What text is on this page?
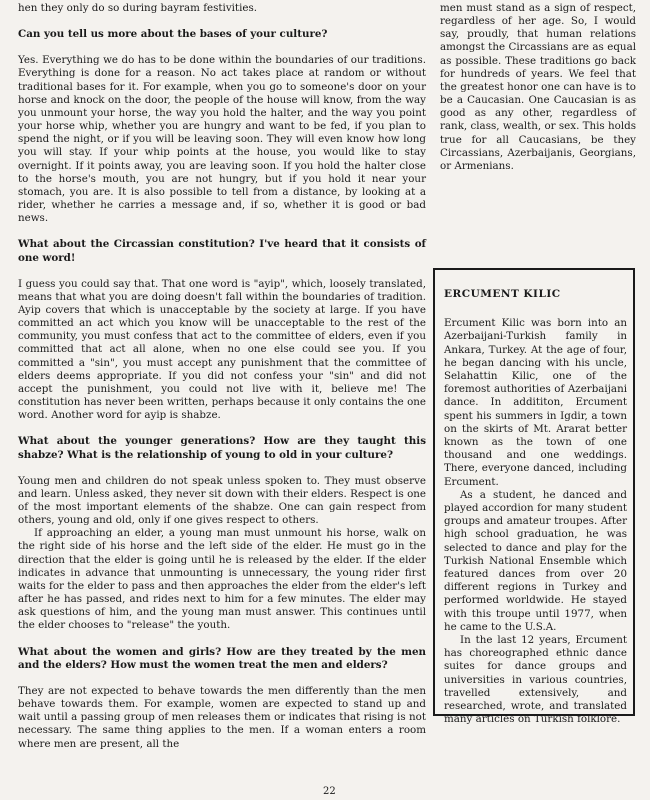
hen they only do so during bayram festivities.

Can you tell us more about the bases of your culture?

Yes. Everything we do has to be done within the boundaries of our traditions. Everything is done for a reason. No act takes place at random or without traditional bases for it. For example, when you go to someone's door on your horse and knock on the door, the people of the house will know, from the way you unmount your horse, the way you hold the halter, and the way you point your horse whip, whether you are hungry and want to be fed, if you plan to spend the night, or if you will be leaving soon. They will even know how long you will stay. If your whip points at the house, you would like to stay overnight. If it points away, you are leaving soon. If you hold the halter close to the horse's mouth, you are not hungry, but if you hold it near your stomach, you are. It is also possible to tell from a distance, by looking at a rider, whether he carries a message and, if so, whether it is good or bad news.

What about the Circassian constitution? I've heard that it consists of one word!

I guess you could say that. That one word is "ayip", which, loosely translated, means that what you are doing doesn't fall within the boundaries of tradition. Ayip covers that which is unacceptable by the society at large. If you have committed an act which you know will be unacceptable to the rest of the community, you must confess that act to the committee of elders, even if you committed that act all alone, when no one else could see you. If you committed a "sin", you must accept any punishment that the committee of elders deems appropriate. If you did not confess your "sin" and did not accept the punishment, you could not live with it, believe me! The constitution has never been written, perhaps because it only contains the one word. Another word for ayip is shabze.

What about the younger generations? How are they taught this shabze? What is the relationship of young to old in your culture?

Young men and children do not speak unless spoken to. They must observe and learn. Unless asked, they never sit down with their elders. Respect is one of the most important elements of the shabze. One can gain respect from others, young and old, only if one gives respect to others.

If approaching an elder, a young man must unmount his horse, walk on the right side of his horse and the left side of the elder. He must go in the direction that the elder is going until he is released by the elder. If the elder indicates in advance that unmounting is unnecessary, the young rider first waits for the elder to pass and then approaches the elder from the elder's left after he has passed, and rides next to him for a few minutes. The elder may ask questions of him, and the young man must answer. This continues until the elder chooses to "release" the youth.

What about the women and girls? How are they treated by the men and the elders? How must the women treat the men and elders?

They are not expected to behave towards the men differently than the men behave towards them. For example, women are expected to stand up and wait until a passing group of men releases them or indicates that rising is not necessary. The same thing applies to the men. If a woman enters a room where men are present, all the

men must stand as a sign of respect, regardless of her age. So, I would say, proudly, that human relations amongst the Circassians are as equal as possible. These traditions go back for hundreds of years. We feel that the greatest honor one can have is to be a Caucasian. One Caucasian is as good as any other, regardless of rank, class, wealth, or sex. This holds true for all Caucasians, be they Circassians, Azerbaijanis, Georgians, or Armenians.

ERCUMENT KILIC

Ercument Kilic was born into an Azerbaijani-Turkish family in Ankara, Turkey. At the age of four, he began dancing with his uncle, Selahattin Kilic, one of the foremost authorities of Azerbaijani dance. In addititon, Ercument spent his summers in Igdir, a town on the skirts of Mt. Ararat better known as the town of one thousand and one weddings. There, everyone danced, including Ercument.

As a student, he danced and played accordion for many student groups and amateur troupes. After high school graduation, he was selected to dance and play for the Turkish National Ensemble which featured dances from over 20 different regions in Turkey and performed worldwide. He stayed with this troupe until 1977, when he came to the U.S.A.

In the last 12 years, Ercument has choreographed ethnic dance suites for dance groups and universities in various countries, travelled extensively, and researched, wrote, and translated many articles on Turkish folklore.

22
